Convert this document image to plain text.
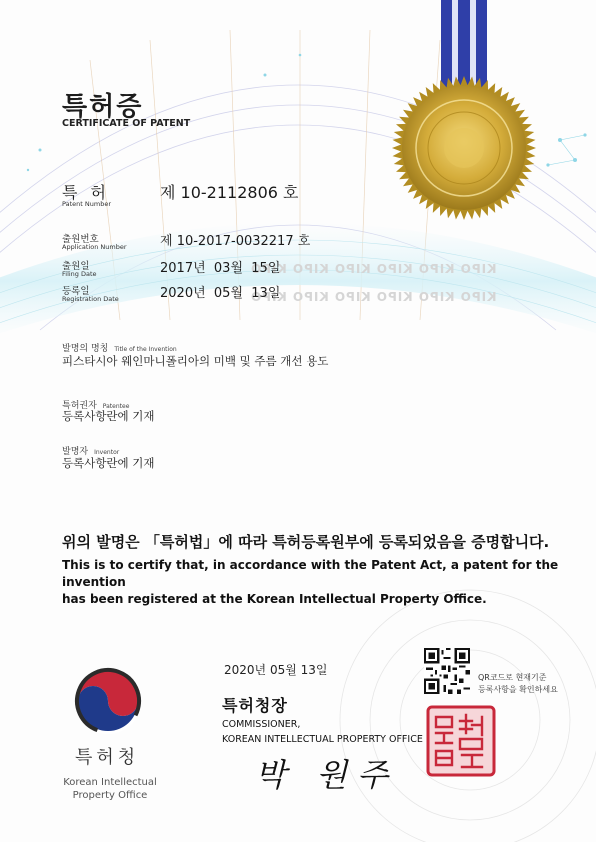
KIPO KIPO KIPO KIPO KIPO KIPO
KIPO KIPO KIPO KIPO KIPO KIPO
특허증
CERTIFICATE OF PATENT
특 허
Patent Number
제 10-2112806 호
출원번호
Application Number	제 10-2017-0032217 호
출원일
Filing Date	2017년  03월  15일
등록일
Registration Date	2020년  05월  13일
발명의 명칭 Title of the Invention
피스타시아 웨인마니폴리아의 미백 및 주름 개선 용도
특허권자 Patentee
등록사항란에 기재
발명자 Inventor
등록사항란에 기재
위의 발명은 「특허법」에 따라 특허등록원부에 등록되었음을 증명합니다.
This is to certify that, in accordance with the Patent Act, a patent for the invention
has been registered at the Korean Intellectual Property Office.
특허청
Korean Intellectual
Property Office
2020년 05월 13일
특허청장
COMMISSIONER,
KOREAN INTELLECTUAL PROPERTY OFFICE
박 원주
QR코드로 현재기준
등록사항을 확인하세요
